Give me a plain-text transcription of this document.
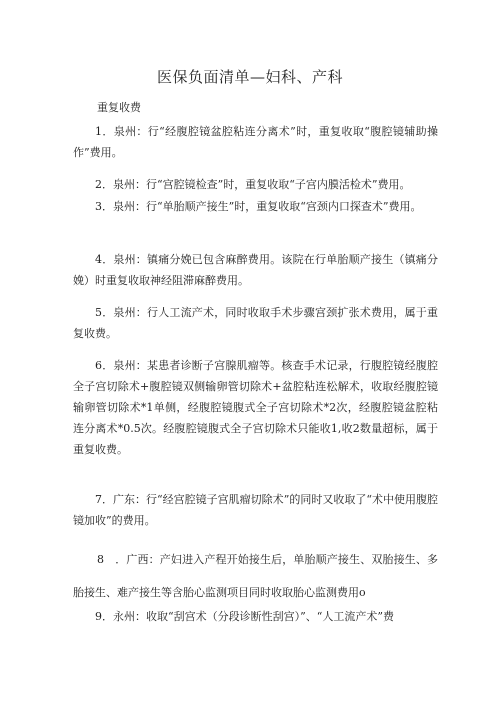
医保负面清单—妇科、产科
重复收费

1．泉州：行“经腹腔镜盆腔粘连分离术”时，重复收取“腹腔镜辅助操作”费用。

2．泉州：行“宫腔镜检查”时，重复收取“子宫内膜活检术”费用。

3．泉州：行“单胎顺产接生”时，重复收取“宫颈内口探查术”费用。

4．泉州：镇痛分娩已包含麻醉费用。该院在行单胎顺产接生（镇痛分娩）时重复收取神经阻滞麻醉费用。

5．泉州：行人工流产术，同时收取手术步骤宫颈扩张术费用，属于重复收费。

6．泉州：某患者诊断子宫腺肌瘤等。核查手术记录，行腹腔镜经腹腔全子宫切除术+腹腔镜双侧输卵管切除术+盆腔粘连松解术，收取经腹腔镜输卵管切除术*1单侧，经腹腔镜腹式全子宫切除术*2次，经腹腔镜盆腔粘连分离术*0.5次。经腹腔镜腹式全子宫切除术只能收1,收2数量超标，属于重复收费。

7．广东：行“经宫腔镜子宫肌瘤切除术”的同时又收取了“术中使用腹腔镜加收”的费用。

8　．广西：产妇进入产程开始接生后，单胎顺产接生、双胎接生、多胎接生、难产接生等含胎心监测项目同时收取胎心监测费用o

9．永州：收取“刮宫术（分段诊断性刮宫）”、“人工流产术”费
